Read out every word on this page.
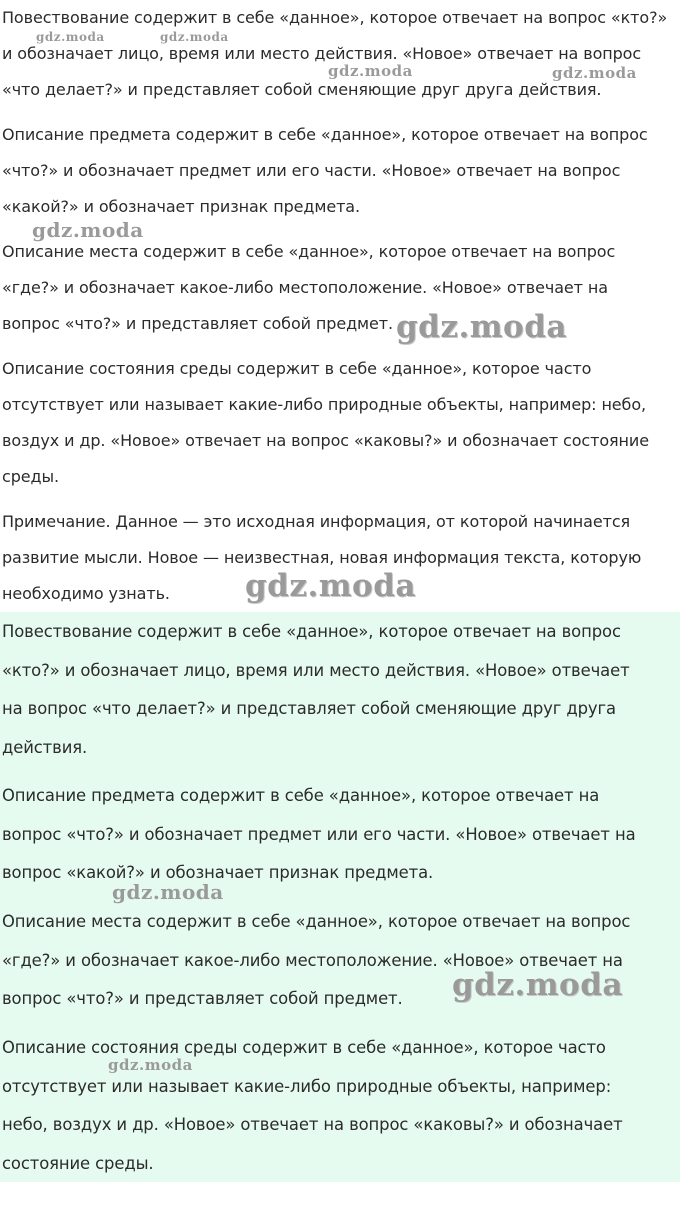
Повествование содержит в себе «данное», которое отвечает на вопрос «кто?»
и обозначает лицо, время или место действия. «Новое» отвечает на вопрос
«что делает?» и представляет собой сменяющие друг друга действия.

Описание предмета содержит в себе «данное», которое отвечает на вопрос
«что?» и обозначает предмет или его части. «Новое» отвечает на вопрос
«какой?» и обозначает признак предмета.

Описание места содержит в себе «данное», которое отвечает на вопрос
«где?» и обозначает какое-либо местоположение. «Новое» отвечает на
вопрос «что?» и представляет собой предмет.

Описание состояния среды содержит в себе «данное», которое часто
отсутствует или называет какие-либо природные объекты, например: небо,
воздух и др. «Новое» отвечает на вопрос «каковы?» и обозначает состояние
среды.

Примечание. Данное — это исходная информация, от которой начинается
развитие мысли. Новое — неизвестная, новая информация текста, которую
необходимо узнать.

Повествование содержит в себе «данное», которое отвечает на вопрос
«кто?» и обозначает лицо, время или место действия. «Новое» отвечает
на вопрос «что делает?» и представляет собой сменяющие друг друга
действия.

Описание предмета содержит в себе «данное», которое отвечает на
вопрос «что?» и обозначает предмет или его части. «Новое» отвечает на
вопрос «какой?» и обозначает признак предмета.

Описание места содержит в себе «данное», которое отвечает на вопрос
«где?» и обозначает какое-либо местоположение. «Новое» отвечает на
вопрос «что?» и представляет собой предмет.

Описание состояния среды содержит в себе «данное», которое часто
отсутствует или называет какие-либо природные объекты, например:
небо, воздух и др. «Новое» отвечает на вопрос «каковы?» и обозначает
состояние среды.

gdz.moda	gdz.moda
gdz.moda	gdz.moda
gdz.moda
gdz.moda
gdz.moda
gdz.moda
gdz.moda
gdz.moda
